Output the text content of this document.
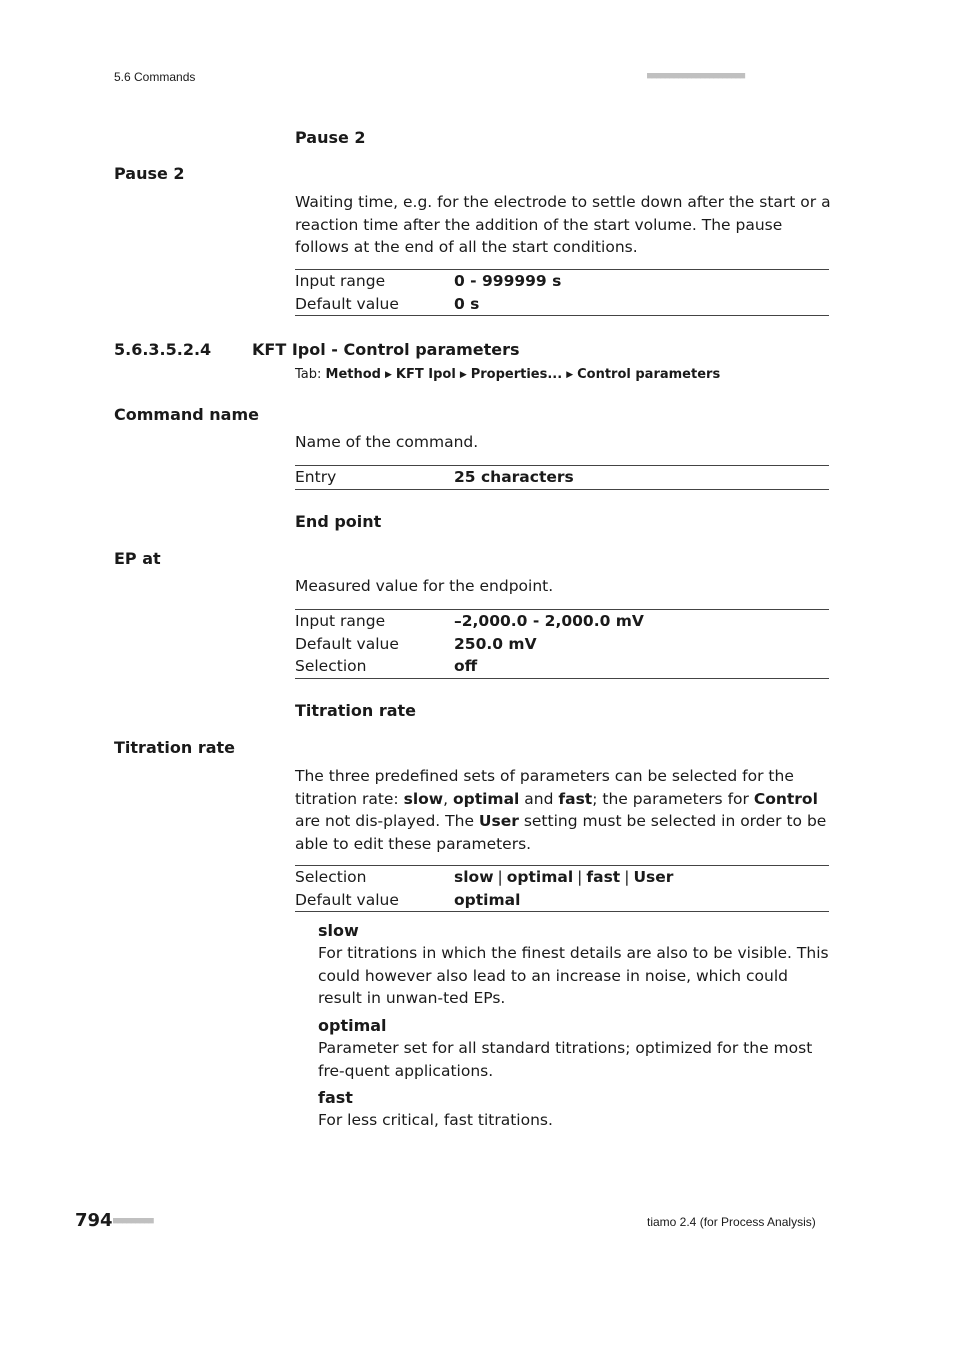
5.6 Commands	■■■■■■■■■■■■■■■■■■■■■■
Pause 2
Pause 2
Waiting time, e.g. for the electrode to settle down after the start or a reaction time after the addition of the start volume. The pause follows at the end of all the start conditions.
Input range	0 - 999999 s
Default value	0 s
5.6.3.5.2.4	KFT Ipol - Control parameters
Tab: Method ▶ KFT Ipol ▶ Properties... ▶ Control parameters
Command name
Name of the command.
Entry	25 characters
End point
EP at
Measured value for the endpoint.
Input range	–2,000.0 - 2,000.0 mV
Default value	250.0 mV
Selection	off
Titration rate
Titration rate
The three predefined sets of parameters can be selected for the titration rate: slow, optimal and fast; the parameters for Control are not dis-played. The User setting must be selected in order to be able to edit these parameters.
Selection	slow | optimal | fast | User
Default value	optimal
slow
For titrations in which the finest details are also to be visible. This could however also lead to an increase in noise, which could result in unwan-ted EPs.
optimal
Parameter set for all standard titrations; optimized for the most fre-quent applications.
fast
For less critical, fast titrations.
794 ■■■■■■■■■	tiamo 2.4 (for Process Analysis)
